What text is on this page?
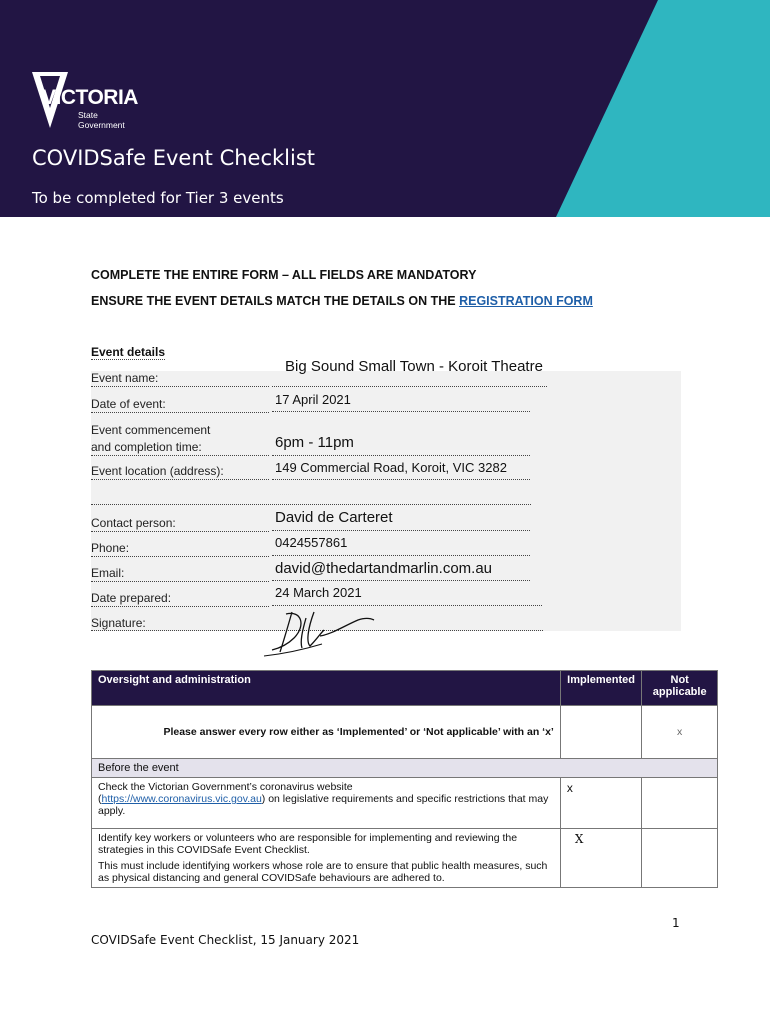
VICTORIA
State
Government
COVIDSafe Event Checklist
To be completed for Tier 3 events
COMPLETE THE ENTIRE FORM – ALL FIELDS ARE MANDATORY
ENSURE THE EVENT DETAILS MATCH THE DETAILS ON THE REGISTRATION FORM
Event details
Event name:
Big Sound Small Town - Koroit Theatre
Date of event:	17 April 2021
Event commencement
and completion time:	6pm - 11pm
Event location (address):	149 Commercial Road, Koroit, VIC 3282
Contact person:	David de Carteret
Phone:	0424557861
Email:	david@thedartandmarlin.com.au
Date prepared:	24 March 2021
Signature:
Oversight and administration	Implemented	Not applicable
Please answer every row either as ‘Implemented’ or ‘Not applicable’ with an ‘x’		x
Before the event		
Check the Victorian Government’s coronavirus website
(https://www.coronavirus.vic.gov.au) on legislative requirements and specific restrictions that may apply.	x	

Identify key workers or volunteers who are responsible for implementing and reviewing the strategies in this COVIDSafe Event Checklist.
This must include identifying workers whose role are to ensure that public health measures, such as physical distancing and general COVIDSafe behaviours are adhered to.	X	
1
COVIDSafe Event Checklist, 15 January 2021
